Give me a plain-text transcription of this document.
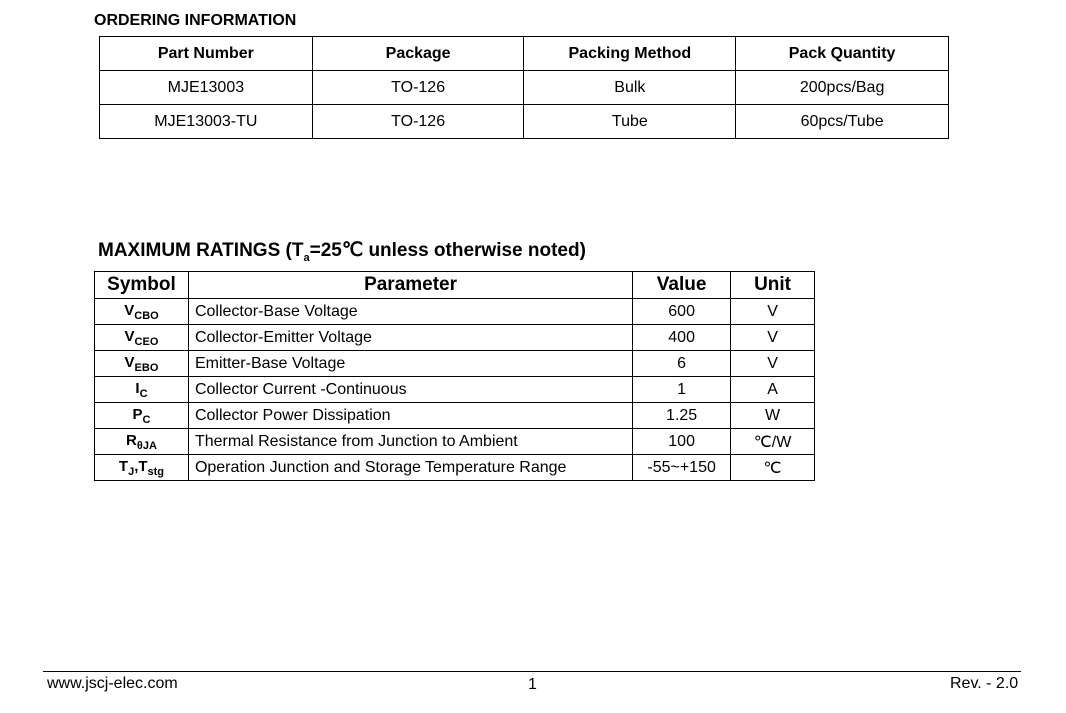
ORDERING INFORMATION
Part Number	Package	Packing Method	Pack Quantity
MJE13003	TO-126	Bulk	200pcs/Bag
MJE13003-TU	TO-126	Tube	60pcs/Tube
MAXIMUM RATINGS ($T_a=25℃$ unless otherwise noted)
Symbol	Parameter	Value	Unit
$V_{CBO}$	Collector-Base Voltage	600	V
$V_{CEO}$	Collector-Emitter Voltage	400	V
$V_{EBO}$	Emitter-Base Voltage	6	V
$I_C$	Collector Current -Continuous	1	A
$P_C$	Collector Power Dissipation	1.25	W
$R_{\theta JA}$	Thermal Resistance from Junction to Ambient	100	℃/W
$T_J,T_{stg}$	Operation Junction and Storage Temperature Range	-55~+150	℃
www.jscj-elec.com	1	Rev. - 2.0
